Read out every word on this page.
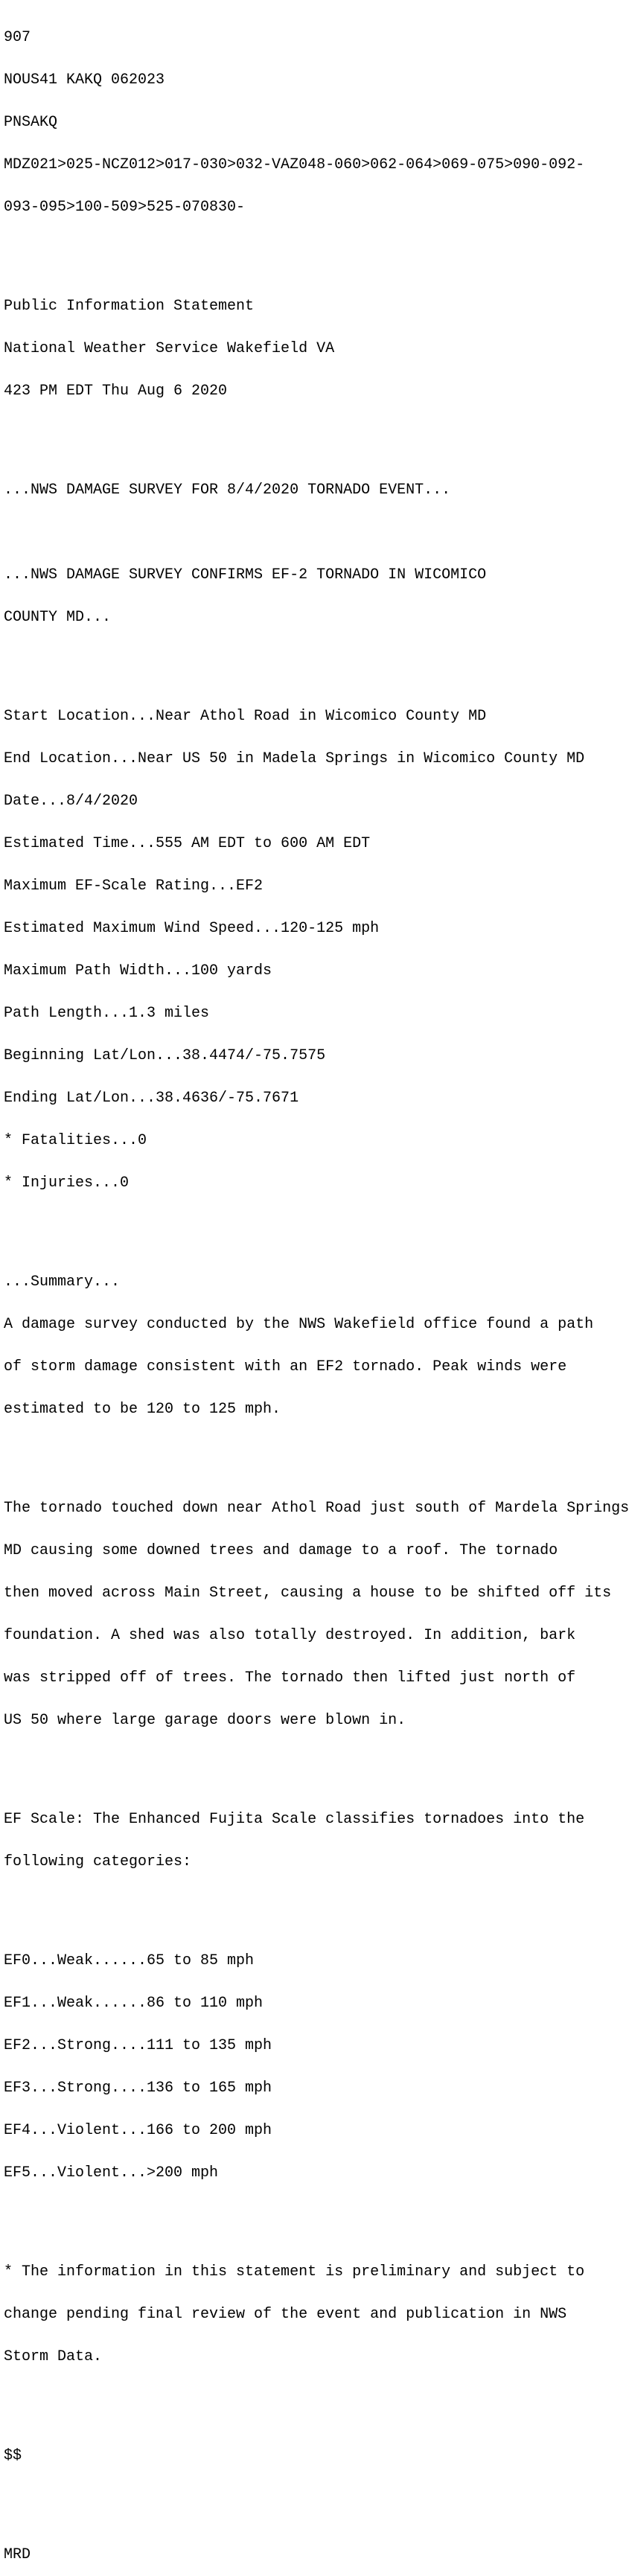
907

NOUS41 KAKQ 062023

PNSAKQ

MDZ021>025-NCZ012>017-030>032-VAZ048-060>062-064>069-075>090-092-

093-095>100-509>525-070830-

Public Information Statement

National Weather Service Wakefield VA

423 PM EDT Thu Aug 6 2020

...NWS DAMAGE SURVEY FOR 8/4/2020 TORNADO EVENT...

...NWS DAMAGE SURVEY CONFIRMS EF-2 TORNADO IN WICOMICO

COUNTY MD...

Start Location...Near Athol Road in Wicomico County MD

End Location...Near US 50 in Madela Springs in Wicomico County MD

Date...8/4/2020

Estimated Time...555 AM EDT to 600 AM EDT

Maximum EF-Scale Rating...EF2

Estimated Maximum Wind Speed...120-125 mph

Maximum Path Width...100 yards

Path Length...1.3 miles

Beginning Lat/Lon...38.4474/-75.7575

Ending Lat/Lon...38.4636/-75.7671

* Fatalities...0

* Injuries...0

...Summary...

A damage survey conducted by the NWS Wakefield office found a path

of storm damage consistent with an EF2 tornado. Peak winds were

estimated to be 120 to 125 mph.

The tornado touched down near Athol Road just south of Mardela Springs

MD causing some downed trees and damage to a roof. The tornado

then moved across Main Street, causing a house to be shifted off its

foundation. A shed was also totally destroyed. In addition, bark

was stripped off of trees. The tornado then lifted just north of

US 50 where large garage doors were blown in.

EF Scale: The Enhanced Fujita Scale classifies tornadoes into the

following categories:

EF0...Weak......65 to 85 mph

EF1...Weak......86 to 110 mph

EF2...Strong....111 to 135 mph

EF3...Strong....136 to 165 mph

EF4...Violent...166 to 200 mph

EF5...Violent...>200 mph

* The information in this statement is preliminary and subject to

change pending final review of the event and publication in NWS

Storm Data.

$$

MRD
